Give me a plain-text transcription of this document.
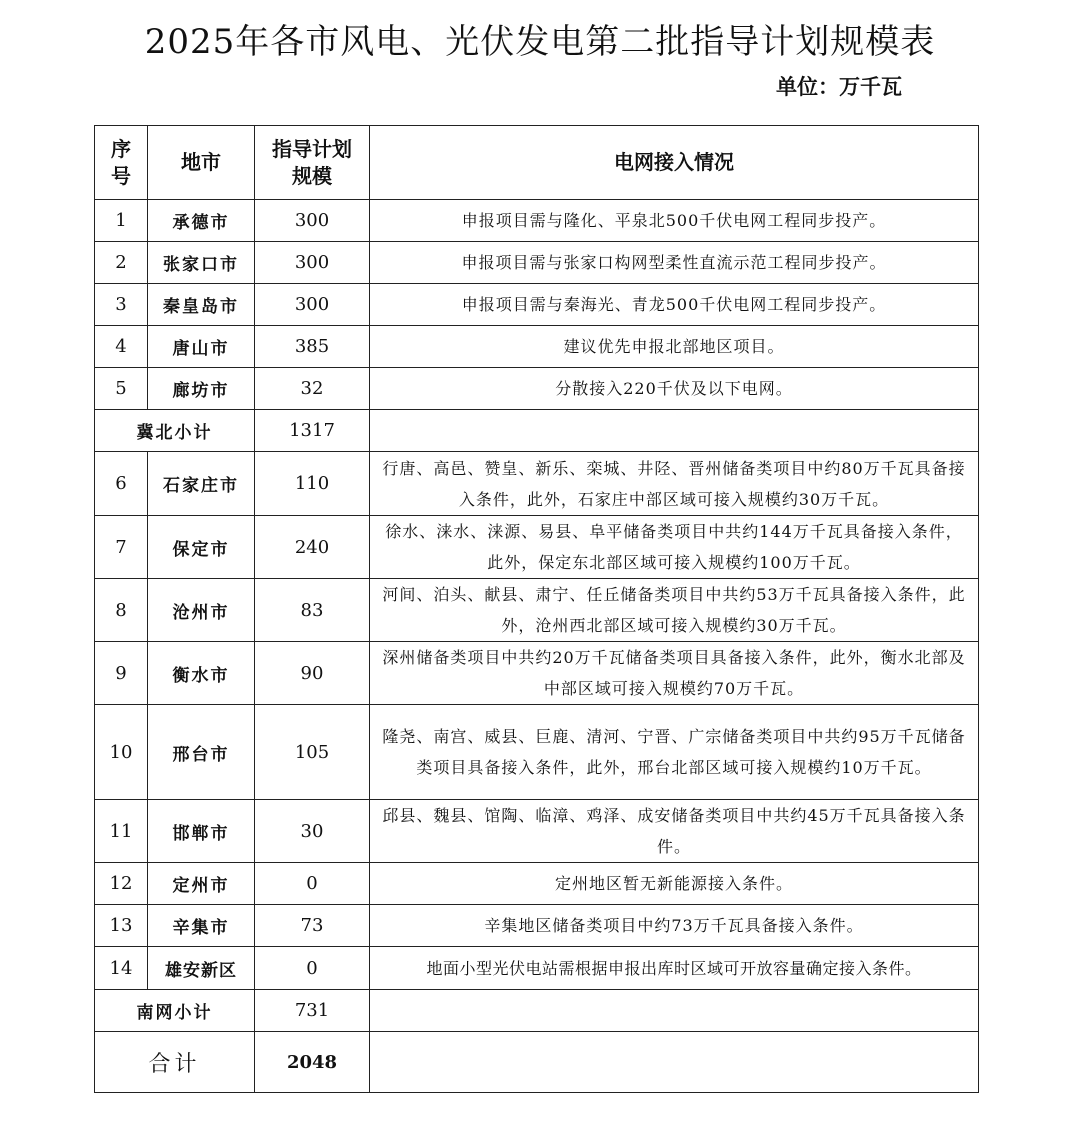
2025年各市风电、光伏发电第二批指导计划规模表
单位：万千瓦
序号	地市	指导计划规模	电网接入情况
1	承德市	300	申报项目需与隆化、平泉北500千伏电网工程同步投产。
2	张家口市	300	申报项目需与张家口构网型柔性直流示范工程同步投产。
3	秦皇岛市	300	申报项目需与秦海光、青龙500千伏电网工程同步投产。
4	唐山市	385	建议优先申报北部地区项目。
5	廊坊市	32	分散接入220千伏及以下电网。
冀北小计		1317	
6	石家庄市	110	行唐、高邑、赞皇、新乐、栾城、井陉、晋州储备类项目中约80万千瓦具备接入条件，此外，石家庄中部区域可接入规模约30万千瓦。
7	保定市	240	徐水、涞水、涞源、易县、阜平储备类项目中共约144万千瓦具备接入条件，此外，保定东北部区域可接入规模约100万千瓦。
8	沧州市	83	河间、泊头、献县、肃宁、任丘储备类项目中共约53万千瓦具备接入条件，此外，沧州西北部区域可接入规模约30万千瓦。
9	衡水市	90	深州储备类项目中共约20万千瓦储备类项目具备接入条件，此外，衡水北部及中部区域可接入规模约70万千瓦。
10	邢台市	105	隆尧、南宫、威县、巨鹿、清河、宁晋、广宗储备类项目中共约95万千瓦储备类项目具备接入条件，此外，邢台北部区域可接入规模约10万千瓦。
11	邯郸市	30	邱县、魏县、馆陶、临漳、鸡泽、成安储备类项目中共约45万千瓦具备接入条件。
12	定州市	0	定州地区暂无新能源接入条件。
13	辛集市	73	辛集地区储备类项目中约73万千瓦具备接入条件。
14	雄安新区	0	地面小型光伏电站需根据申报出库时区域可开放容量确定接入条件。
南网小计		731	
合计		2048	
